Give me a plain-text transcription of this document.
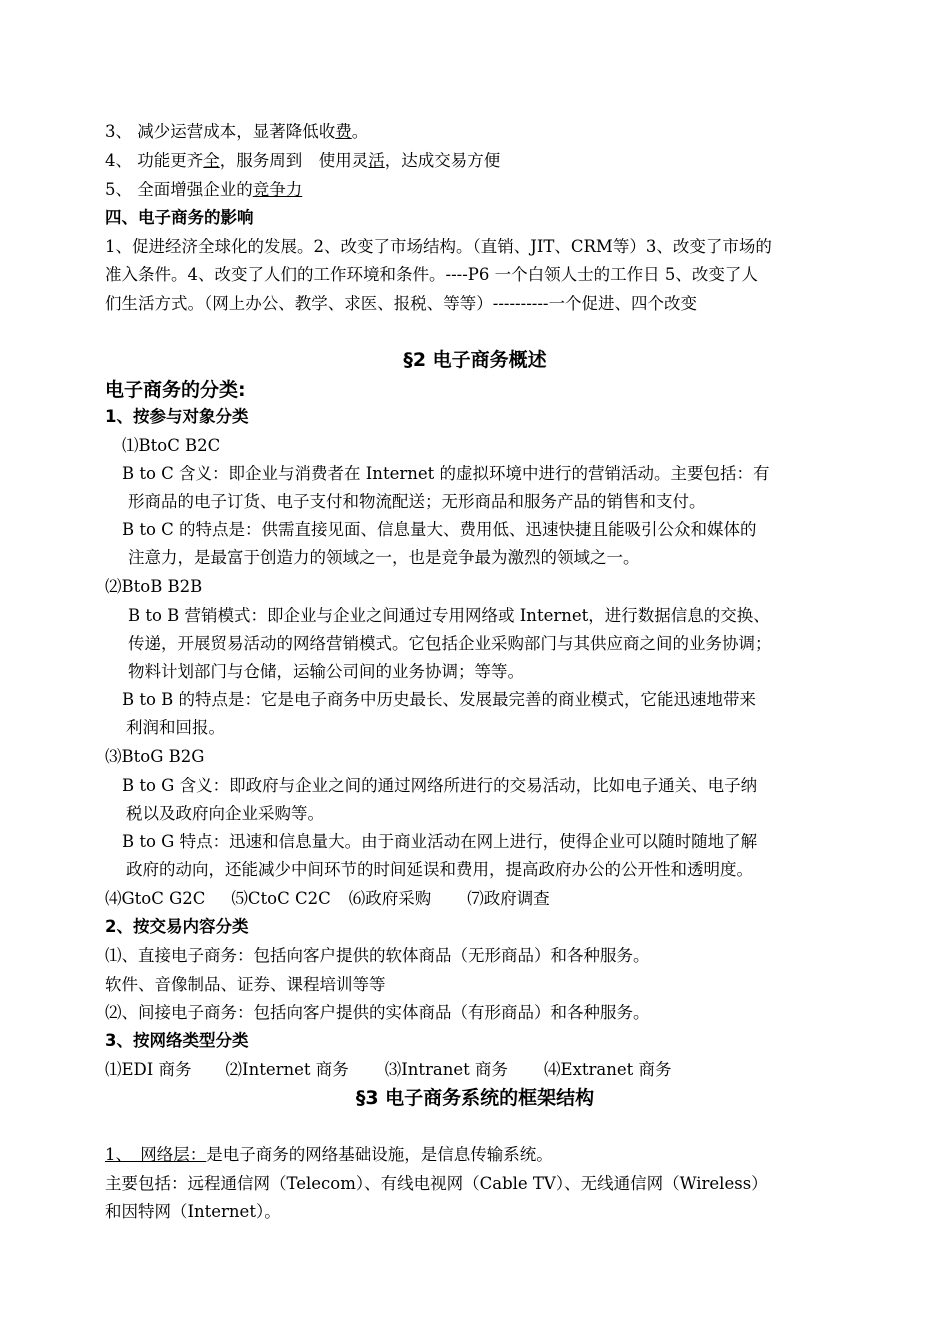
3、 减少运营成本，显著降低收费。
4、 功能更齐全，服务周到　使用灵活，达成交易方便
5、 全面增强企业的竞争力
四、电子商务的影响
1、促进经济全球化的发展。2、改变了市场结构。（直销、JIT、CRM等）3、改变了市场的
准入条件。4、改变了人们的工作环境和条件。----P6 一个白领人士的工作日 5、改变了人
们生活方式。（网上办公、教学、求医、报税、等等）----------一个促进、四个改变
§2 电子商务概述
电子商务的分类:
1、按参与对象分类
⑴BtoC B2C
B to C 含义：即企业与消费者在 Internet 的虚拟环境中进行的营销活动。主要包括：有
形商品的电子订货、电子支付和物流配送；无形商品和服务产品的销售和支付。
B to C 的特点是：供需直接见面、信息量大、费用低、迅速快捷且能吸引公众和媒体的
注意力，是最富于创造力的领域之一，也是竞争最为激烈的领域之一。
⑵BtoB B2B
B to B 营销模式：即企业与企业之间通过专用网络或 Internet，进行数据信息的交换、
传递，开展贸易活动的网络营销模式。它包括企业采购部门与其供应商之间的业务协调；
物料计划部门与仓储，运输公司间的业务协调；等等。
B to B 的特点是：它是电子商务中历史最长、发展最完善的商业模式，它能迅速地带来
利润和回报。
⑶BtoG B2G
B to G 含义：即政府与企业之间的通过网络所进行的交易活动，比如电子通关、电子纳
税以及政府向企业采购等。
B to G 特点：迅速和信息量大。由于商业活动在网上进行，使得企业可以随时随地了解
政府的动向，还能减少中间环节的时间延误和费用，提高政府办公的公开性和透明度。
⑷GtoC G2C ⑸CtoC C2C ⑹政府采购 ⑺政府调查
2、按交易内容分类
⑴、直接电子商务：包括向客户提供的软体商品（无形商品）和各种服务。
软件、音像制品、证券、课程培训等等
⑵、间接电子商务：包括向客户提供的实体商品（有形商品）和各种服务。
3、按网络类型分类
⑴EDI 商务 ⑵Internet 商务 ⑶Intranet 商务 ⑷Extranet 商务
§3 电子商务系统的框架结构
1、　网络层：是电子商务的网络基础设施，是信息传输系统。
主要包括：远程通信网（Telecom）、有线电视网（Cable TV）、无线通信网（Wireless）
和因特网（Internet）。
